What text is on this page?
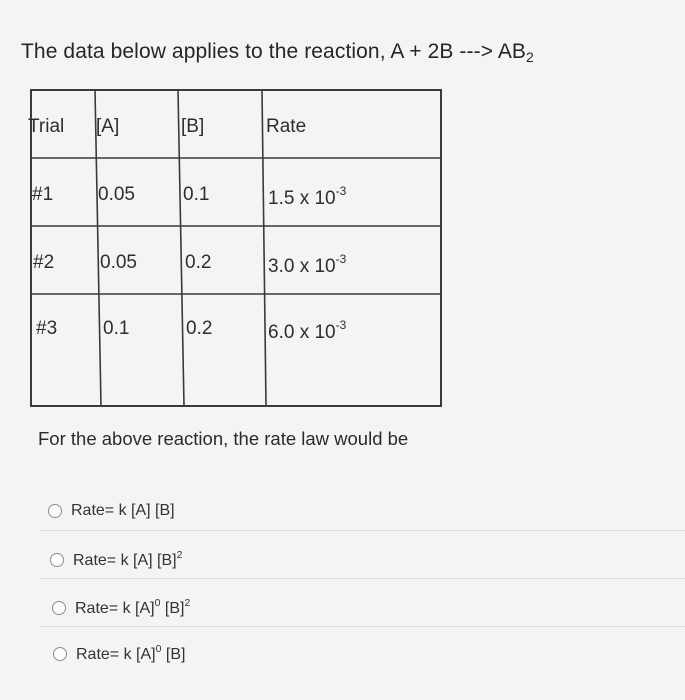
The data below applies to the reaction, A + 2B ---> $AB_2$
Trial [A]	[B]	Rate
#1 0.05	0.1	1.5 x $10^{-3}$
#2 0.05	0.2	3.0 x $10^{-3}$
#3 0.1	0.2	6.0 x $10^{-3}$
For the above reaction, the rate law would be
Rate= k [A] [B]
Rate= k [A] $[B]^2$
Rate= k $[A]^0$ $[B]^2$
Rate= k $[A]^0$ [B]
